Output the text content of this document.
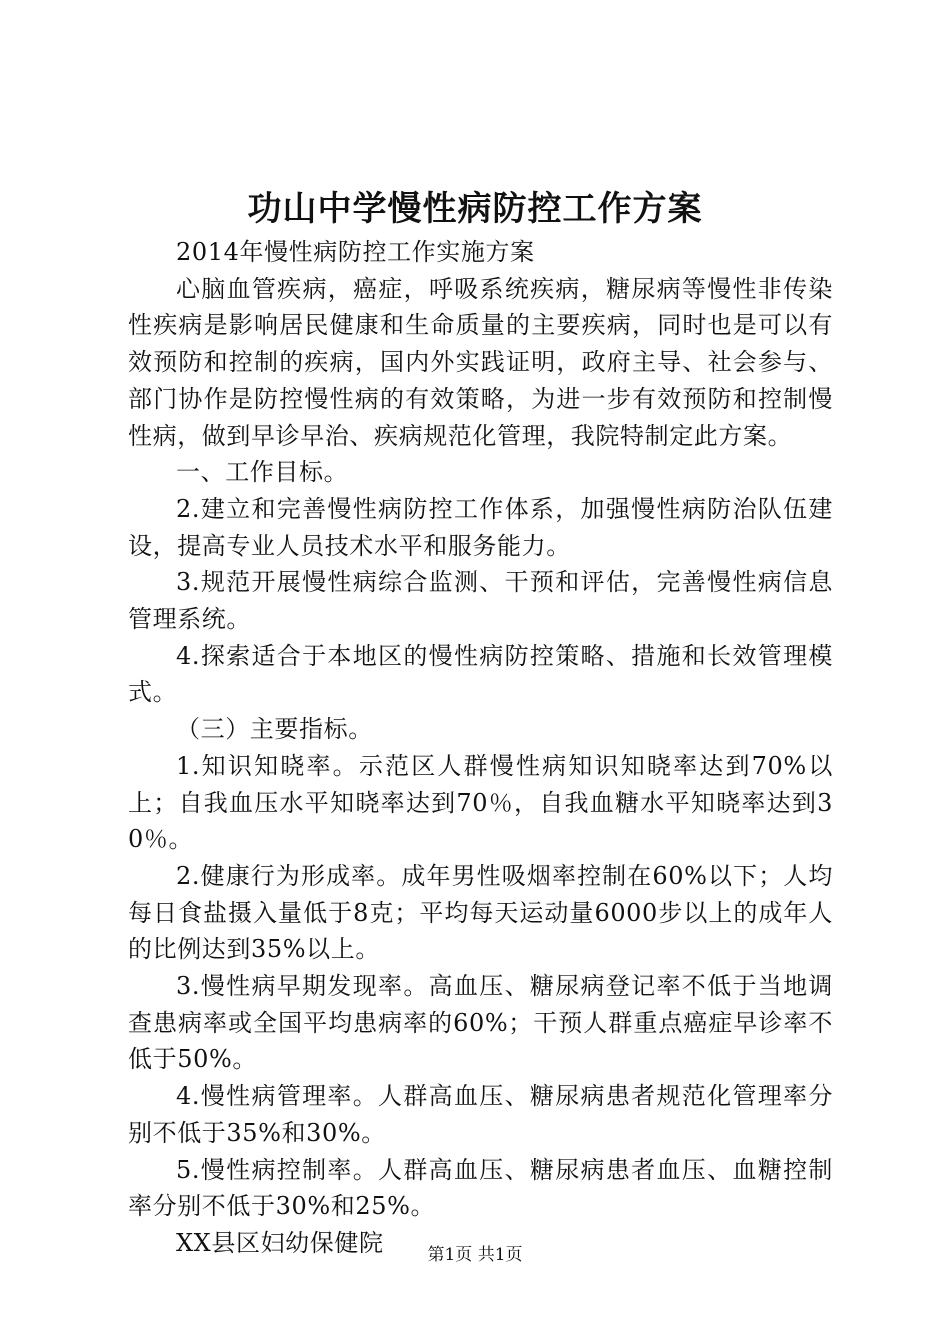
功山中学慢性病防控工作方案

2014年慢性病防控工作实施方案

心脑血管疾病，癌症，呼吸系统疾病，糖尿病等慢性非传染性疾病是影响居民健康和生命质量的主要疾病，同时也是可以有效预防和控制的疾病，国内外实践证明，政府主导、社会参与、部门协作是防控慢性病的有效策略，为进一步有效预防和控制慢性病，做到早诊早治、疾病规范化管理，我院特制定此方案。

一、工作目标。

2.建立和完善慢性病防控工作体系，加强慢性病防治队伍建设，提高专业人员技术水平和服务能力。

3.规范开展慢性病综合监测、干预和评估，完善慢性病信息管理系统。

4.探索适合于本地区的慢性病防控策略、措施和长效管理模式。

（三）主要指标。

1.知识知晓率。示范区人群慢性病知识知晓率达到70%以上；自我血压水平知晓率达到70％，自我血糖水平知晓率达到30％。

2.健康行为形成率。成年男性吸烟率控制在60%以下；人均每日食盐摄入量低于8克；平均每天运动量6000步以上的成年人的比例达到35%以上。

3.慢性病早期发现率。高血压、糖尿病登记率不低于当地调查患病率或全国平均患病率的60%；干预人群重点癌症早诊率不低于50%。

4.慢性病管理率。人群高血压、糖尿病患者规范化管理率分别不低于35%和30%。

5.慢性病控制率。人群高血压、糖尿病患者血压、血糖控制率分别不低于30%和25%。

XX县区妇幼保健院	第1页 共1页
